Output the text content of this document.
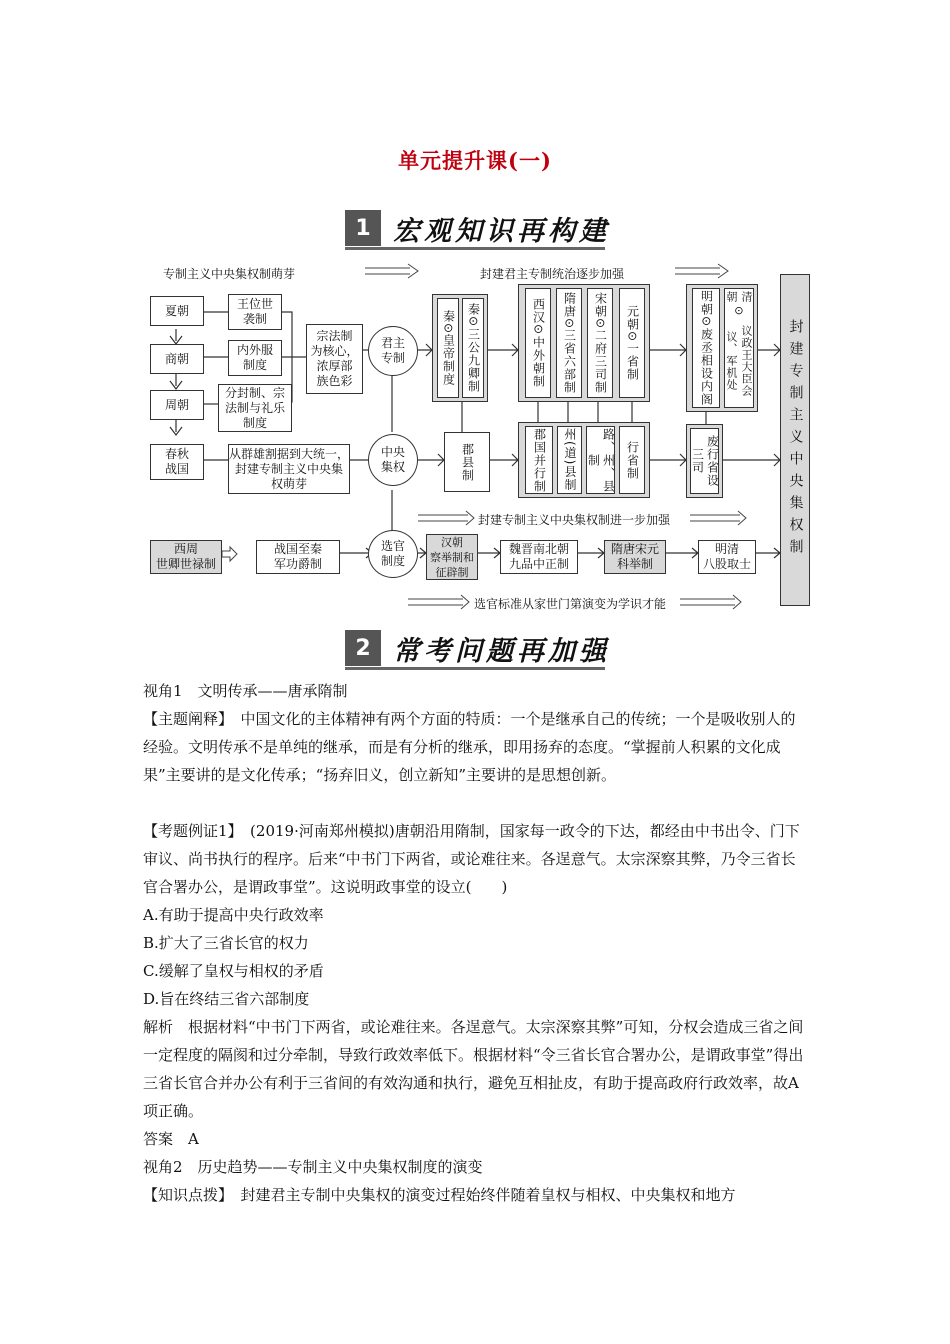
单元提升课(一)
1 宏观知识再构建
专制主义中央集权制萌芽	封建君主专制统治逐步加强
封建专制主义中央集权制进一步加强
选官标准从家世门第演变为学识才能
夏朝
商朝
周朝
春秋
战国
王位世
袭制
内外服
制度
分封制、宗
法制与礼乐
制度
从群雄割据到大统一，
封建专制主义中央集
权萌芽
宗法制
为核心，
浓厚部
族色彩
君主
专制
中央
集权
选官
制度
秦
⊙
皇帝制度
秦
⊙
三公九卿制
西汉
⊙
中外朝制
隋唐
⊙
三省六部制
宋朝
⊙
二府三司制
元朝
⊙
一省制
明朝
⊙
废丞相设内阁
清朝
⊙
议政王大臣会议、军机处
郡县制	郡国并行制	州(道)县制	路、州、县制	行省制	废行省设三司	封建专制主义中央集权制
西周
世卿世禄制
战国至秦
军功爵制
汉朝
察举制和
征辟制
魏晋南北朝
九品中正制
隋唐宋元
科举制
明清
八股取士
2 常考问题再加强
视角1　文明传承——唐承隋制
【主题阐释】　中国文化的主体精神有两个方面的特质：一个是继承自己的传统；一个是吸收别人的经验。文明传承不是单纯的继承，而是有分析的继承，即用扬弃的态度。“掌握前人积累的文化成果”主要讲的是文化传承；“扬弃旧义，创立新知”主要讲的是思想创新。
【考题例证1】　(2019·河南郑州模拟)唐朝沿用隋制，国家每一政令的下达，都经由中书出令、门下审议、尚书执行的程序。后来“中书门下两省，或论难往来。各逞意气。太宗深察其弊，乃令三省长官合署办公，是谓政事堂”。这说明政事堂的设立(　　)
A.有助于提高中央行政效率
B.扩大了三省长官的权力
C.缓解了皇权与相权的矛盾
D.旨在终结三省六部制度
解析　根据材料“中书门下两省，或论难往来。各逞意气。太宗深察其弊”可知，分权会造成三省之间一定程度的隔阂和过分牵制，导致行政效率低下。根据材料“令三省长官合署办公，是谓政事堂”得出三省长官合并办公有利于三省间的有效沟通和执行，避免互相扯皮，有助于提高政府行政效率，故A项正确。
答案　A
视角2　历史趋势——专制主义中央集权制度的演变
【知识点拨】　封建君主专制中央集权的演变过程始终伴随着皇权与相权、中央集权和地方
